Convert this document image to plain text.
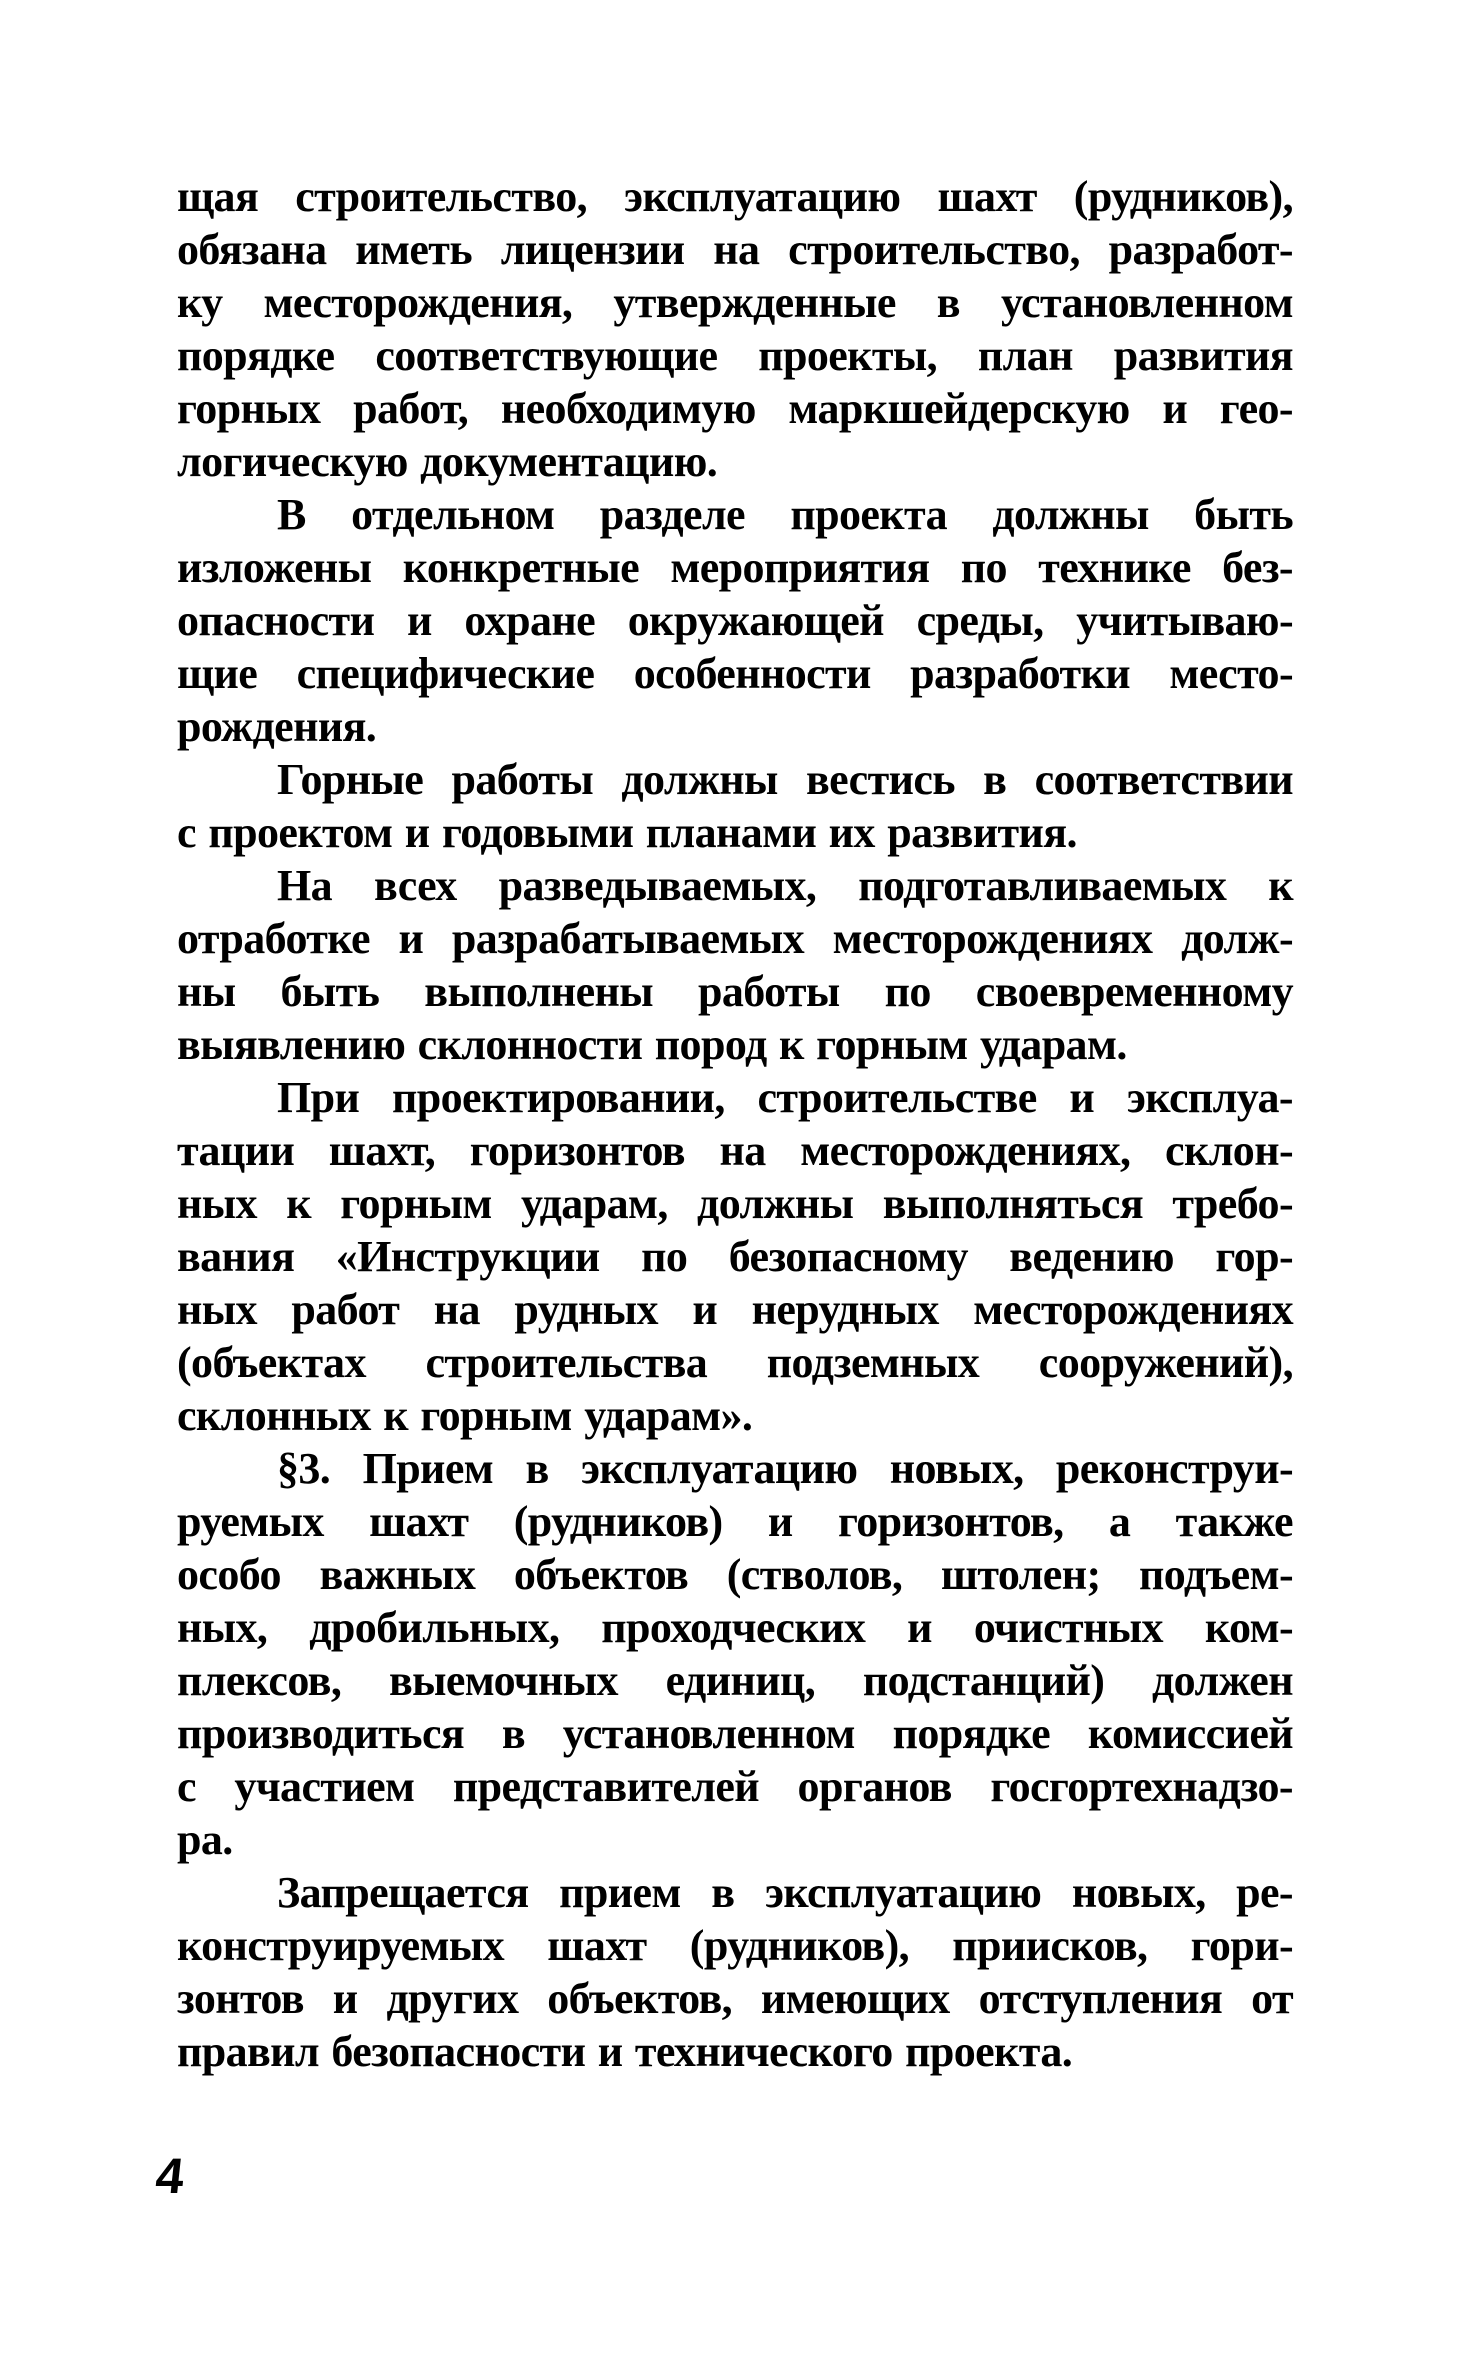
щая строительство, эксплуатацию шахт (рудников),
обязана иметь лицензии на строительство, разработ-
ку месторождения, утвержденные в установленном
порядке соответствующие проекты, план развития
горных работ, необходимую маркшейдерскую и гео-
логическую документацию.

В отдельном разделе проекта должны быть
изложены конкретные мероприятия по технике без-
опасности и охране окружающей среды, учитываю-
щие специфические особенности разработки место-
рождения.

Горные работы должны вестись в соответствии
с проектом и годовыми планами их развития.

На всех разведываемых, подготавливаемых к
отработке и разрабатываемых месторождениях долж-
ны быть выполнены работы по своевременному
выявлению склонности пород к горным ударам.

При проектировании, строительстве и эксплуа-
тации шахт, горизонтов на месторождениях, склон-
ных к горным ударам, должны выполняться требо-
вания «Инструкции по безопасному ведению гор-
ных работ на рудных и нерудных месторождениях
(объектах строительства подземных сооружений),
склонных к горным ударам».

§3. Прием в эксплуатацию новых, реконструи-
руемых шахт (рудников) и горизонтов, а также
особо важных объектов (стволов, штолен; подъем-
ных, дробильных, проходческих и очистных ком-
плексов, выемочных единиц, подстанций) должен
производиться в установленном порядке комиссией
с участием представителей органов госгортехнадзо-
ра.

Запрещается прием в эксплуатацию новых, ре-
конструируемых шахт (рудников), приисков, гори-
зонтов и других объектов, имеющих отступления от
правил безопасности и технического проекта.

4
